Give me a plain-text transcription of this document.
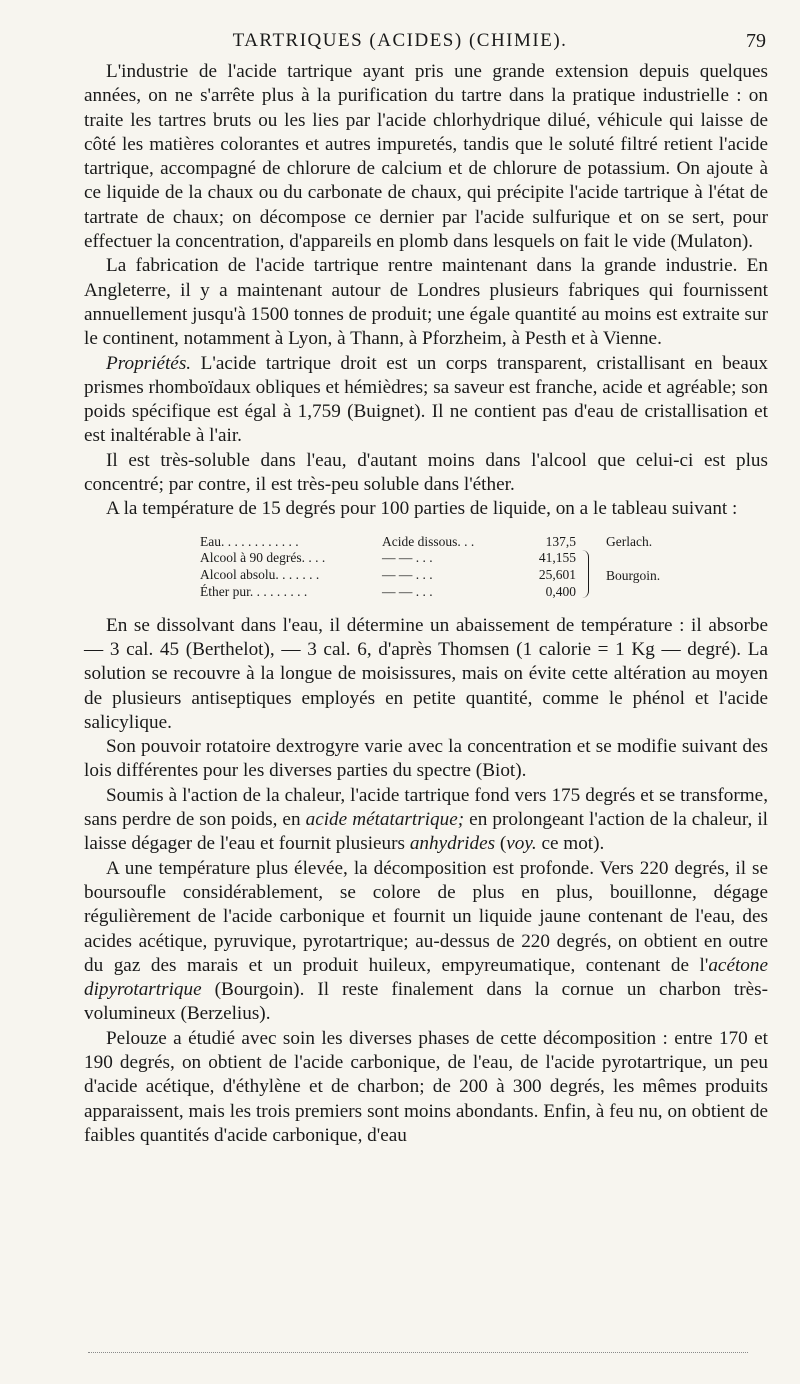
TARTRIQUES (ACIDES) (CHIMIE).	79

L'industrie de l'acide tartrique ayant pris une grande extension depuis quelques années, on ne s'arrête plus à la purification du tartre dans la pratique industrielle : on traite les tartres bruts ou les lies par l'acide chlorhydrique dilué, véhicule qui laisse de côté les matières colorantes et autres impuretés, tandis que le soluté filtré retient l'acide tartrique, accompagné de chlorure de calcium et de chlorure de potassium. On ajoute à ce liquide de la chaux ou du carbonate de chaux, qui précipite l'acide tartrique à l'état de tartrate de chaux; on décompose ce dernier par l'acide sulfurique et on se sert, pour effectuer la concentration, d'appareils en plomb dans lesquels on fait le vide (Mulaton).

La fabrication de l'acide tartrique rentre maintenant dans la grande industrie. En Angleterre, il y a maintenant autour de Londres plusieurs fabriques qui fournissent annuellement jusqu'à 1500 tonnes de produit; une égale quantité au moins est extraite sur le continent, notamment à Lyon, à Thann, à Pforzheim, à Pesth et à Vienne.

Propriétés. L'acide tartrique droit est un corps transparent, cristallisant en beaux prismes rhomboïdaux obliques et hémièdres; sa saveur est franche, acide et agréable; son poids spécifique est égal à 1,759 (Buignet). Il ne contient pas d'eau de cristallisation et est inaltérable à l'air.

Il est très-soluble dans l'eau, d'autant moins dans l'alcool que celui-ci est plus concentré; par contre, il est très-peu soluble dans l'éther.

A la température de 15 degrés pour 100 parties de liquide, on a le tableau suivant :

Eau. . . . . . . . . . . .	Acide dissous. . .	137,5		Gerlach.
Alcool à 90 degrés. . . .	— — . . .	41,155		Bourgoin.
Alcool absolu. . . . . . .	— — . . .	25,601		
Éther pur. . . . . . . . .	— — . . .	0,400		

En se dissolvant dans l'eau, il détermine un abaissement de température : il absorbe — 3 cal. 45 (Berthelot), — 3 cal. 6, d'après Thomsen (1 calorie = 1 Kg — degré). La solution se recouvre à la longue de moisissures, mais on évite cette altération au moyen de plusieurs antiseptiques employés en petite quantité, comme le phénol et l'acide salicylique.

Son pouvoir rotatoire dextrogyre varie avec la concentration et se modifie suivant des lois différentes pour les diverses parties du spectre (Biot).

Soumis à l'action de la chaleur, l'acide tartrique fond vers 175 degrés et se transforme, sans perdre de son poids, en acide métatartrique; en prolongeant l'action de la chaleur, il laisse dégager de l'eau et fournit plusieurs anhydrides (voy. ce mot).

A une température plus élevée, la décomposition est profonde. Vers 220 degrés, il se boursoufle considérablement, se colore de plus en plus, bouillonne, dégage régulièrement de l'acide carbonique et fournit un liquide jaune contenant de l'eau, des acides acétique, pyruvique, pyrotartrique; au-dessus de 220 degrés, on obtient en outre du gaz des marais et un produit huileux, empyreumatique, contenant de l'acétone dipyrotartrique (Bourgoin). Il reste finalement dans la cornue un charbon très-volumineux (Berzelius).

Pelouze a étudié avec soin les diverses phases de cette décomposition : entre 170 et 190 degrés, on obtient de l'acide carbonique, de l'eau, de l'acide pyrotartrique, un peu d'acide acétique, d'éthylène et de charbon; de 200 à 300 degrés, les mêmes produits apparaissent, mais les trois premiers sont moins abondants. Enfin, à feu nu, on obtient de faibles quantités d'acide carbonique, d'eau
